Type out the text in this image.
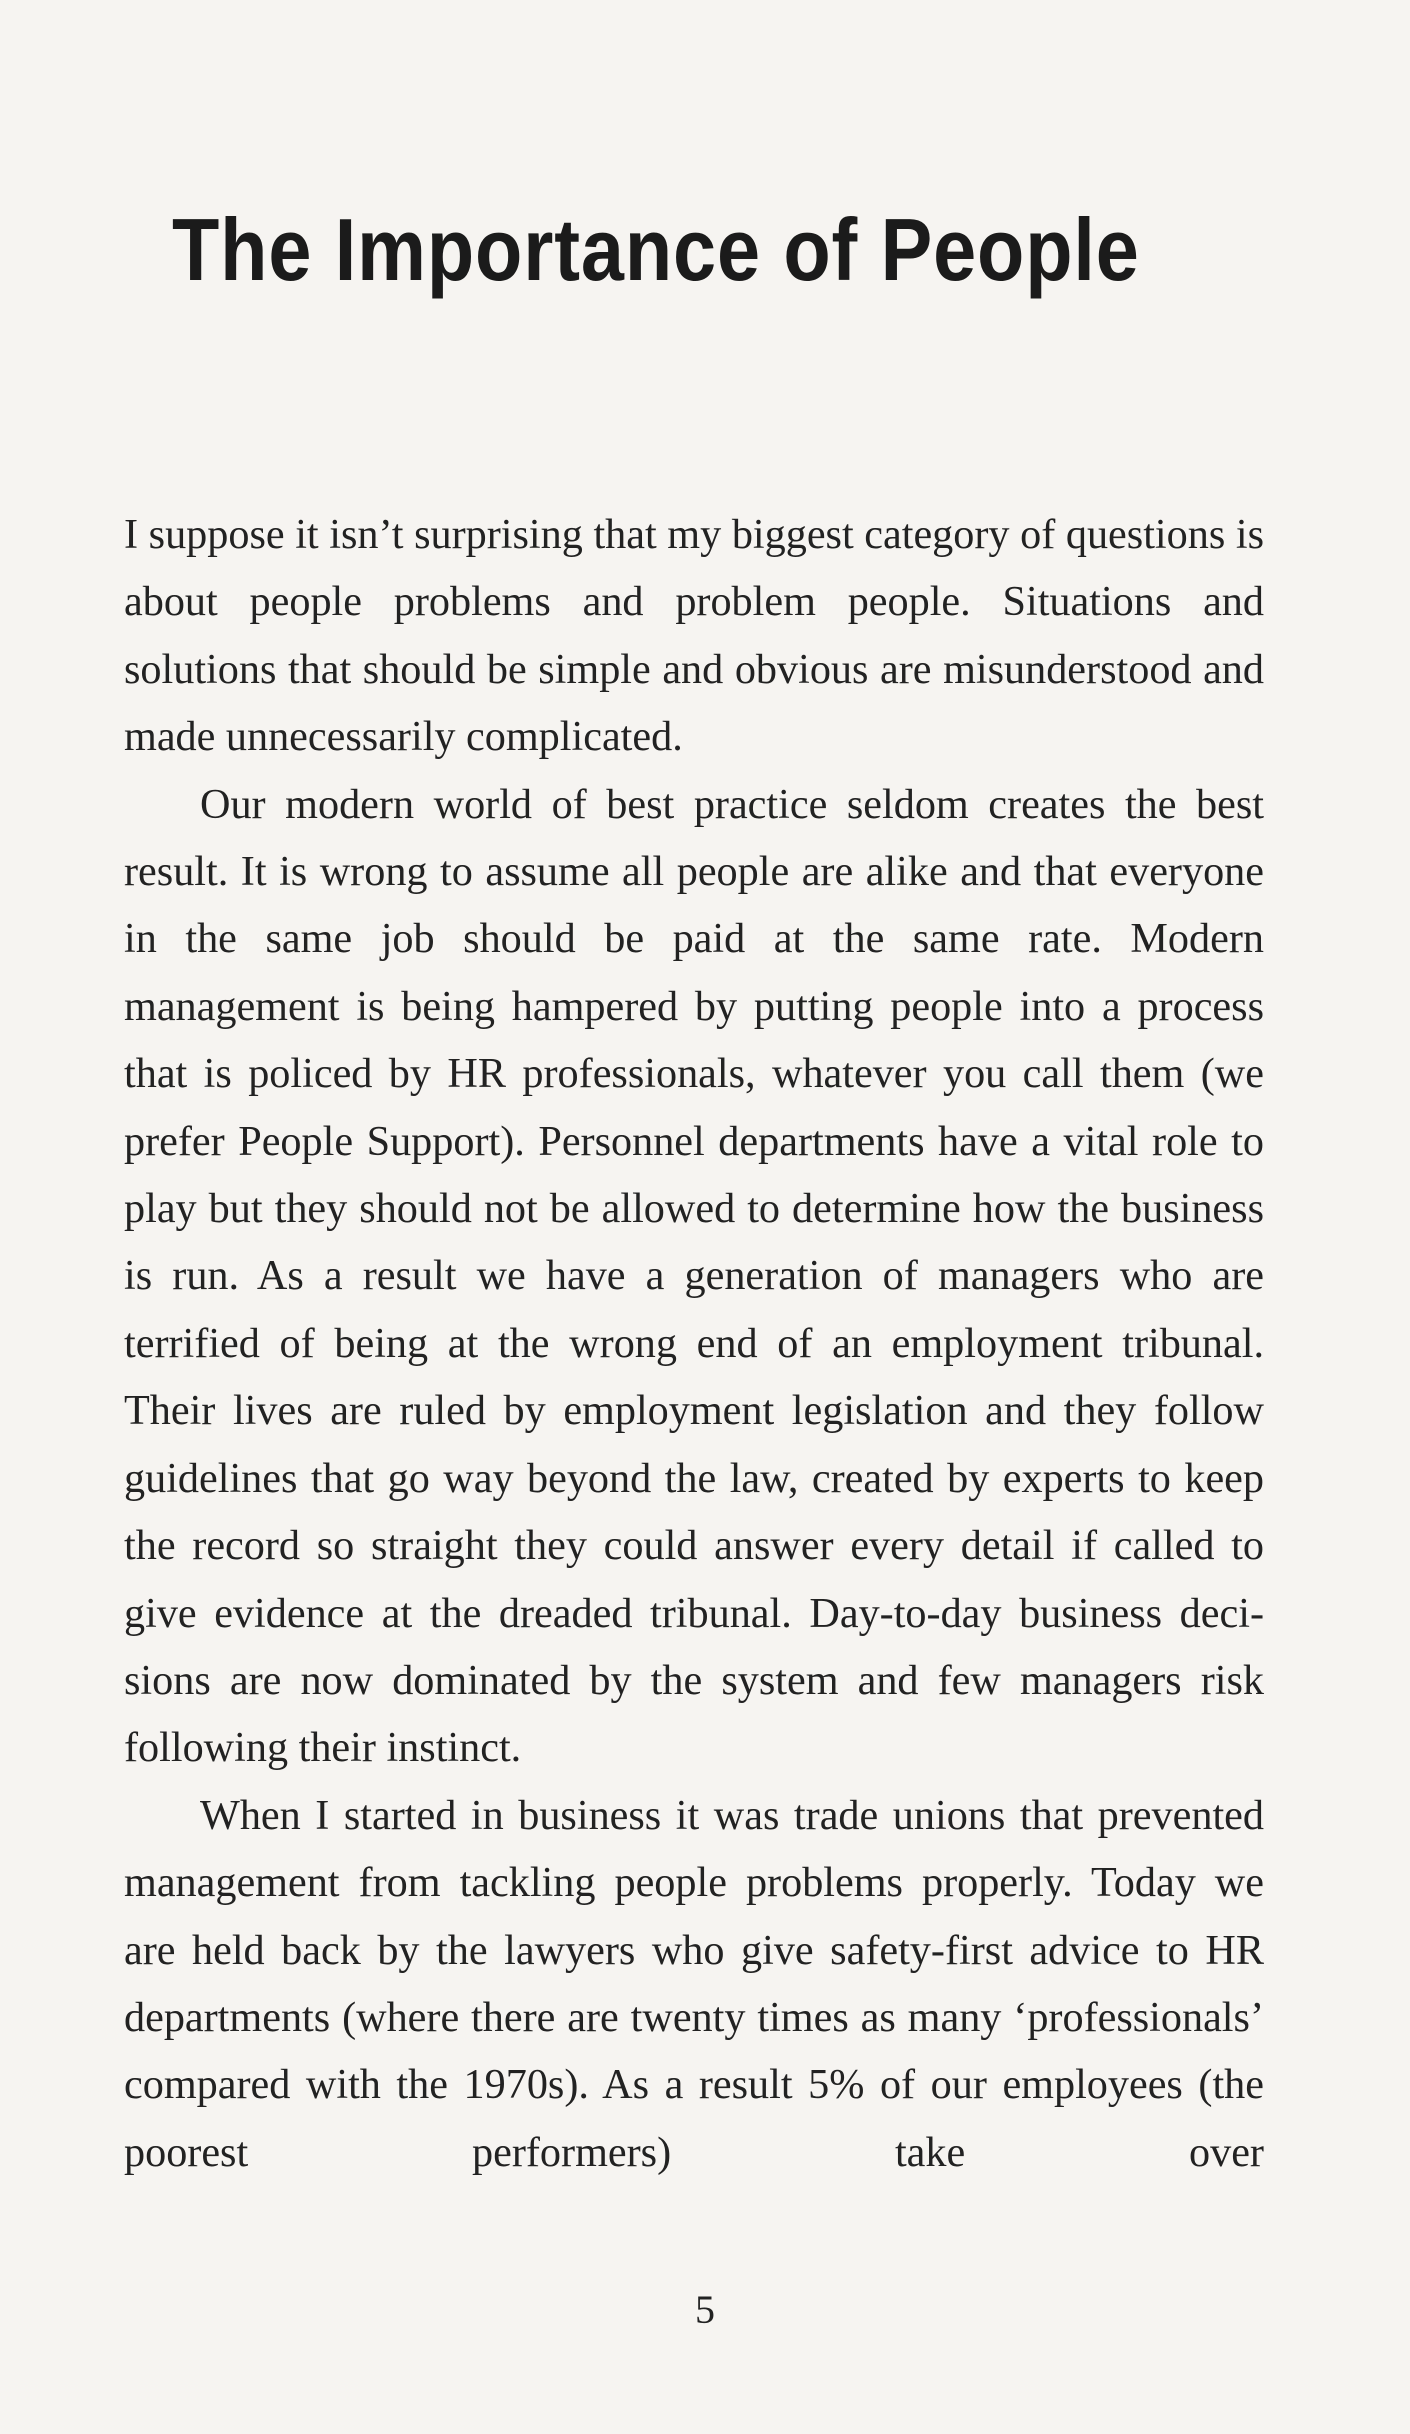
The Importance of People

I suppose it isn’t surprising that my biggest category of questions is about people problems and problem people. Situations and solutions that should be simple and obvious are misunderstood and made unnecessarily complicated.

Our modern world of best practice seldom creates the best result. It is wrong to assume all people are alike and that everyone in the same job should be paid at the same rate. Modern management is being hampered by putting people into a process that is policed by HR professionals, whatever you call them (we prefer People Support). Personnel departments have a vital role to play but they should not be allowed to determine how the business is run. As a result we have a generation of managers who are terrified of being at the wrong end of an employment tribunal. Their lives are ruled by employment legislation and they follow guidelines that go way beyond the law, created by experts to keep the record so straight they could answer every detail if called to give evidence at the dreaded tribunal. Day-to-day business decisions are now dominated by the system and few managers risk following their instinct.

When I started in business it was trade unions that prevented management from tackling people problems properly. Today we are held back by the lawyers who give safety-first advice to HR departments (where there are twenty times as many ‘professionals’ compared with the 1970s). As a result 5% of our employees (the poorest performers) take over

5
